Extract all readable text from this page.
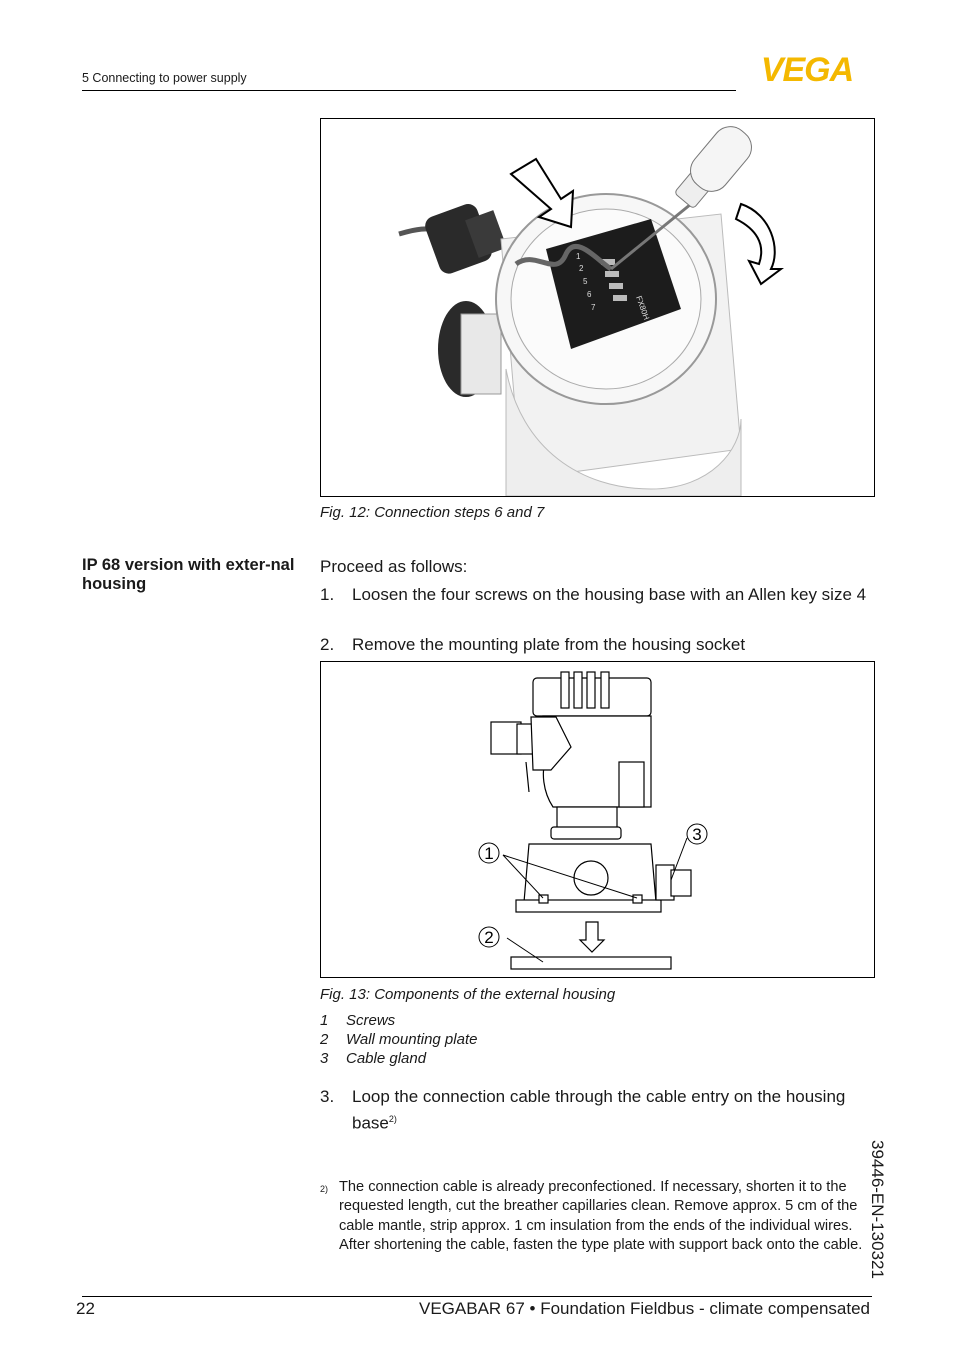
5 Connecting to power supply	VEGA
1
2
5
6
7	FX80H
Fig. 12: Connection steps 6 and 7
IP 68 version with exter-nal housing
Proceed as follows:
1. Loosen the four screws on the housing base with an Allen key size 4
2. Remove the mounting plate from the housing socket
1
2
3
Fig. 13: Components of the external housing
1 Screws
2 Wall mounting plate
3 Cable gland
3. Loop the connection cable through the cable entry on the housing base$^{2)}$
2) The connection cable is already preconfectioned. If necessary, shorten it to the requested length, cut the breather capillaries clean. Remove approx. 5 cm of the cable mantle, strip approx. 1 cm insulation from the ends of the individual wires. After shortening the cable, fasten the type plate with support back onto the cable. 39446-EN-130321
22	VEGABAR 67 • Foundation Fieldbus - climate compensated
